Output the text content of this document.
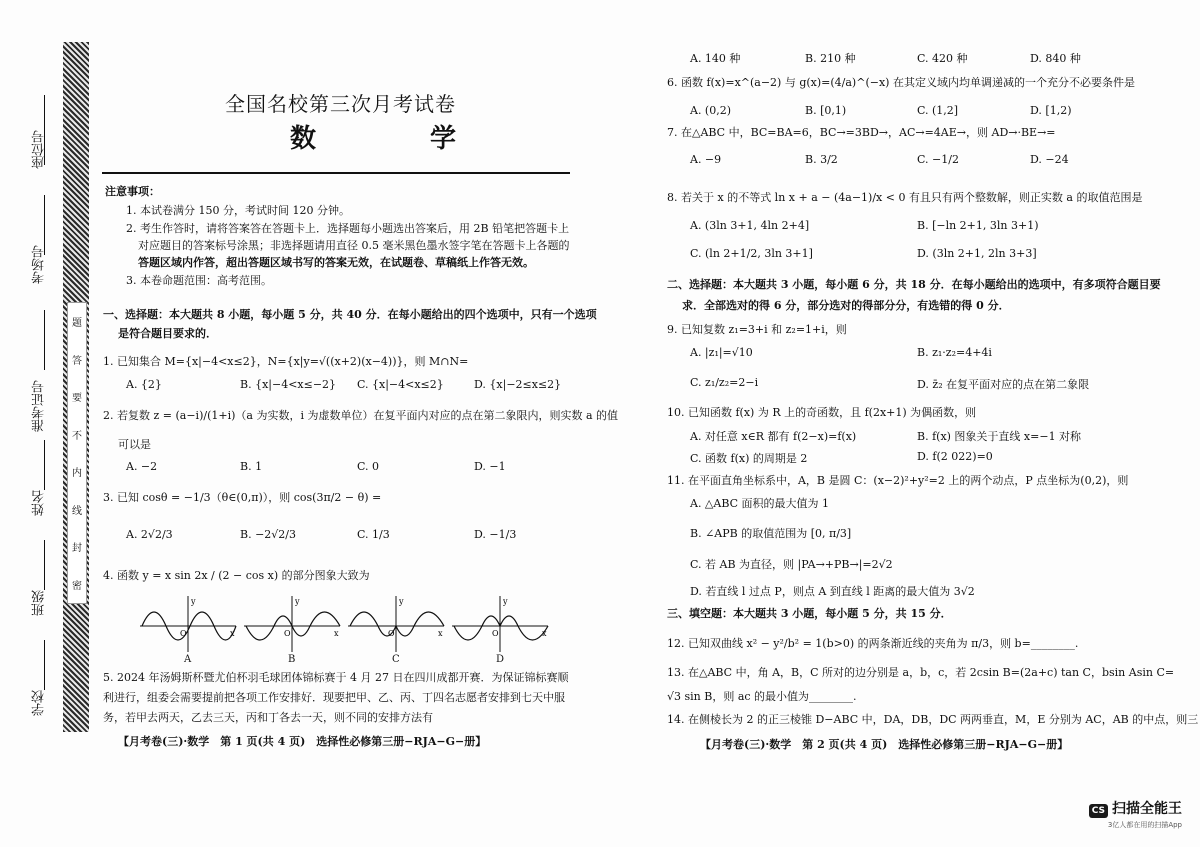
座位号
考场号
准考证号
姓名
班级
学校
题
答
要
不
内
线
封
密
全国名校第三次月考试卷
数　学
注意事项：
1. 本试卷满分 150 分，考试时间 120 分钟。
2. 考生作答时，请将答案答在答题卡上．选择题每小题选出答案后，用 2B 铅笔把答题卡上
对应题目的答案标号涂黑；非选择题请用直径 0.5 毫米黑色墨水签字笔在答题卡上各题的
答题区域内作答，超出答题区域书写的答案无效，在试题卷、草稿纸上作答无效。
3. 本卷命题范围：高考范围。
一、选择题：本大题共 8 小题，每小题 5 分，共 40 分．在每小题给出的四个选项中，只有一个选项
是符合题目要求的．
1. 已知集合 M={x|−4<x≤2}，N={x|y=√((x+2)(x−4))}，则 M∩N=
A. {2}	B. {x|−4<x≤−2} C. {x|−4<x≤2}	D. {x|−2≤x≤2}
2. 若复数 z = (a−i)/(1+i)（a 为实数，i 为虚数单位）在复平面内对应的点在第二象限内，则实数 a 的值
可以是
A. −2	B. 1	C. 0	D. −1
3. 已知 cosθ = −1/3（θ∈(0,π)），则 cos(3π/2 − θ) =
A. 2√2/3	B. −2√2/3	C. 1/3	D. −1/3
4. 函数 y = x sin 2x / (2 − cos x) 的部分图象大致为
y
x
O
y
x
O
y
x
O
y
x
O
A	B	C	D
5. 2024 年汤姆斯杯暨尤伯杯羽毛球团体锦标赛于 4 月 27 日在四川成都开赛．为保证锦标赛顺
利进行，组委会需要提前把各项工作安排好．现要把甲、乙、丙、丁四名志愿者安排到七天中服
务，若甲去两天，乙去三天，丙和丁各去一天，则不同的安排方法有
【月考卷(三)·数学　第 1 页(共 4 页)　选择性必修第三册−RJA−G−册】
A. 140 种	B. 210 种	C. 420 种	D. 840 种
6. 函数 f(x)=x^(a−2) 与 g(x)=(4/a)^(−x) 在其定义域内均单调递减的一个充分不必要条件是
A. (0,2)	B. [0,1)	C. (1,2]	D. [1,2)
7. 在△ABC 中，BC=BA=6，BC→=3BD→，AC→=4AE→，则 AD→·BE→=
A. −9	B. 3/2	C. −1/2	D. −24
8. 若关于 x 的不等式 ln x + a − (4a−1)/x < 0 有且只有两个整数解，则正实数 a 的取值范围是
A. (3ln 3+1, 4ln 2+4]	B. [−ln 2+1, 3ln 3+1)
C. (ln 2+1/2, 3ln 3+1]	D. (3ln 2+1, 2ln 3+3]
二、选择题：本大题共 3 小题，每小题 6 分，共 18 分．在每小题给出的选项中，有多项符合题目要
求．全部选对的得 6 分，部分选对的得部分分，有选错的得 0 分．
9. 已知复数 z₁=3+i 和 z₂=1+i，则
A. |z₁|=√10	B. z₁·z₂=4+4i
C. z₁/z₂=2−i	D. z̄₂ 在复平面对应的点在第二象限
10. 已知函数 f(x) 为 R 上的奇函数，且 f(2x+1) 为偶函数，则
A. 对任意 x∈R 都有 f(2−x)=f(x)	B. f(x) 图象关于直线 x=−1 对称
C. 函数 f(x) 的周期是 2	D. f(2 022)=0
11. 在平面直角坐标系中，A，B 是圆 C：(x−2)²+y²=2 上的两个动点，P 点坐标为(0,2)，则
A. △ABC 面积的最大值为 1
B. ∠APB 的取值范围为 [0, π/3]
C. 若 AB 为直径，则 |PA→+PB→|=2√2
D. 若直线 l 过点 P，则点 A 到直线 l 距离的最大值为 3√2
三、填空题：本大题共 3 小题，每小题 5 分，共 15 分．
12. 已知双曲线 x² − y²/b² = 1(b>0) 的两条渐近线的夹角为 π/3，则 b=________.
13. 在△ABC 中，角 A，B，C 所对的边分别是 a，b，c，若 2csin B=(2a+c) tan C，bsin Asin C=
√3 sin B，则 ac 的最小值为________.
14. 在侧棱长为 2 的正三棱锥 D−ABC 中，DA，DB，DC 两两垂直，M，E 分别为 AC，AB 的中点，则三
【月考卷(三)·数学　第 2 页(共 4 页)　选择性必修第三册−RJA−G−册】
CS 扫描全能王
3亿人都在用的扫描App
